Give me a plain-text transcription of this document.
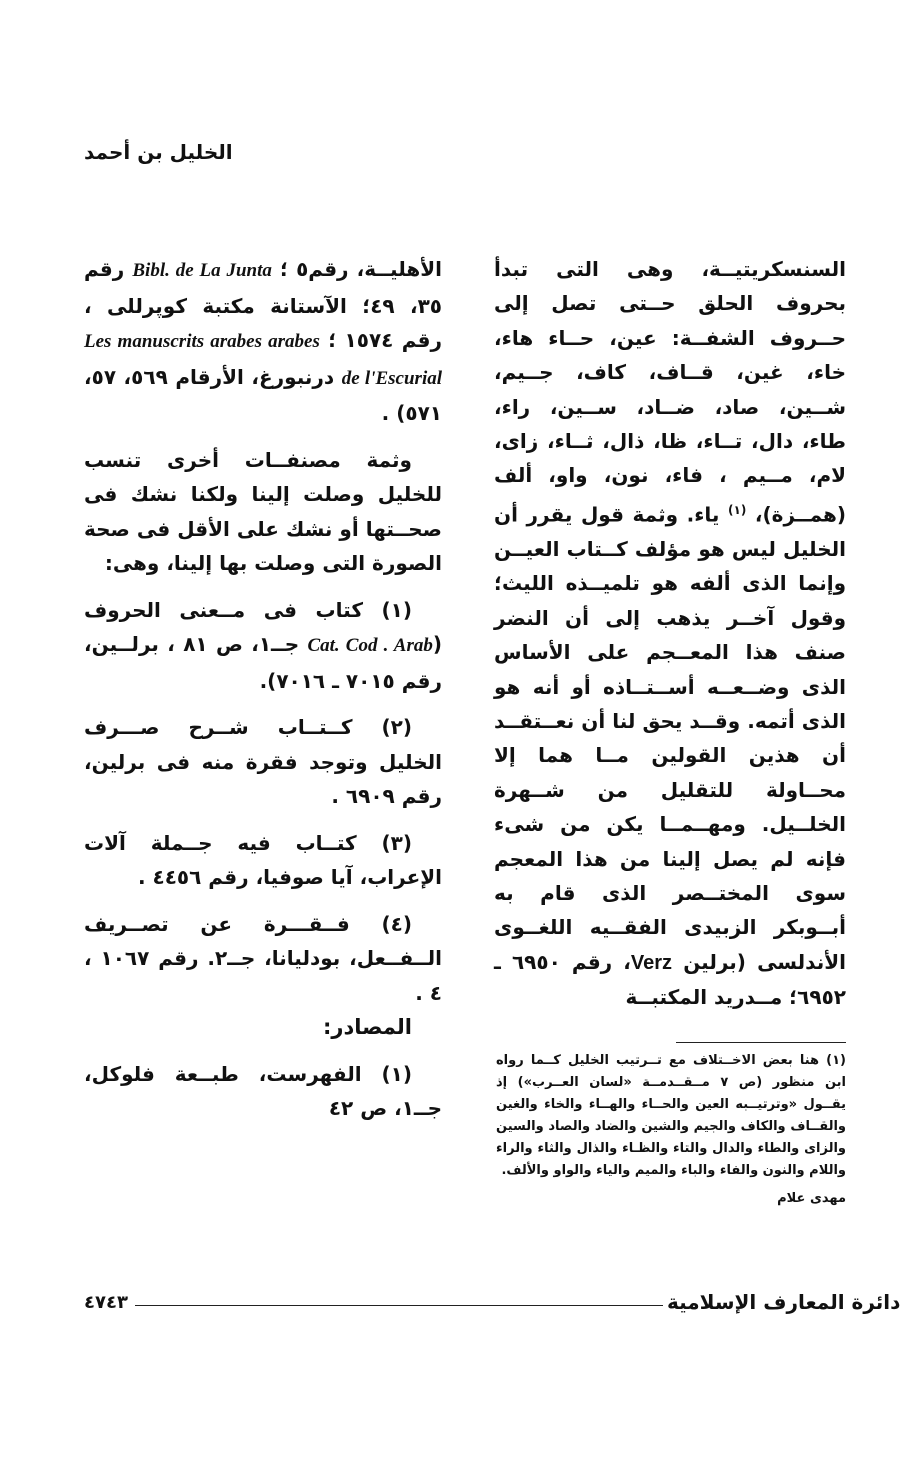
الخليل بن أحمد

السنسكريتيــة، وهى التى تبدأ بحروف الحلق حــتى تصل إلى حــروف الشفــة: عين، حــاء هاء، خاء، غين، قــاف، كاف، جــيم، شــين، صاد، ضــاد، ســين، راء، طاء، دال، تــاء، ظا، ذال، ثــاء، زاى، لام، مــيم ، فاء، نون، واو، ألف (همــزة)، $^{(١)}$ ياء. وثمة قول يقرر أن الخليل ليس هو مؤلف كــتاب العيــن وإنما الذى ألفه هو تلميــذه الليث؛ وقول آخــر يذهب إلى أن النضر صنف هذا المعــجم على الأساس الذى وضــعــه أســتــاذه أو أنه هو الذى أتمه. وقــد يحق لنا أن نعــتقــد أن هذين القولين مــا هما إلا محــاولة للتقليل من شــهرة الخلــيل. ومهــمــا يكن من شىء فإنه لم يصل إلينا من هذا المعجم سوى المختــصر الذى قام به أبــوبكر الزبيدى الفقــيه اللغــوى الأندلسى (برلين Verz، رقم ٦٩٥٠ ـ ٦٩٥٢؛ مــدريد المكتبــة

الأهليــة، رقم٥ ؛ Bibl. de La Junta رقم ٣٥، ٤٩؛ الآستانة مكتبة كوپرللى ، رقم ١٥٧٤ ؛ Les manuscrits arabes arabes de l'Escurial درنبورغ، الأرقام ٥٦٩، ٥٧، ٥٧١) .

وثمة مصنفــات أخرى تنسب للخليل وصلت إلينا ولكنا نشك فى صحــتها أو نشك على الأقل فى صحة الصورة التى وصلت بها إلينا، وهى:

(١) كتاب فى مــعنى الحروف (Cat. Cod . Arab جــ١، ص ٨١ ، برلــين، رقم ٧٠١٥ ـ ٧٠١٦).

(٢) كــتــاب شــرح صـــرف الخليل وتوجد فقرة منه فى برلين، رقم ٦٩٠٩ .

(٣) كتــاب فيه جــملة آلات الإعراب، آيا صوفيا، رقم ٤٤٥٦ .

(٤) فــقـــرة عن تصــريف الــفــعل، بودليانا، جــ٢. رقم ١٠٦٧ ، ٤ .

المصادر:

(١) الفهرست، طبــعة فلوكل، جــ١، ص ٤٢

(١) هنا بعض الاخــتلاف مع تــرتيب الخليل كــما رواه ابن منظور (ص ٧ مــقــدمــة «لسان العــرب») إذ يقــول «وترتيــبه العين والحــاء والهــاء والخاء والغين والقــاف والكاف والجيم والشين والضاد والصاد والسين والزاى والطاء والدال والتاء والظـاء والذال والثاء والراء واللام والنون والفاء والباء والميم والياء والواو والألف.

مهدى علام

دائرة المعارف الإسلامية
٤٧٤٣
